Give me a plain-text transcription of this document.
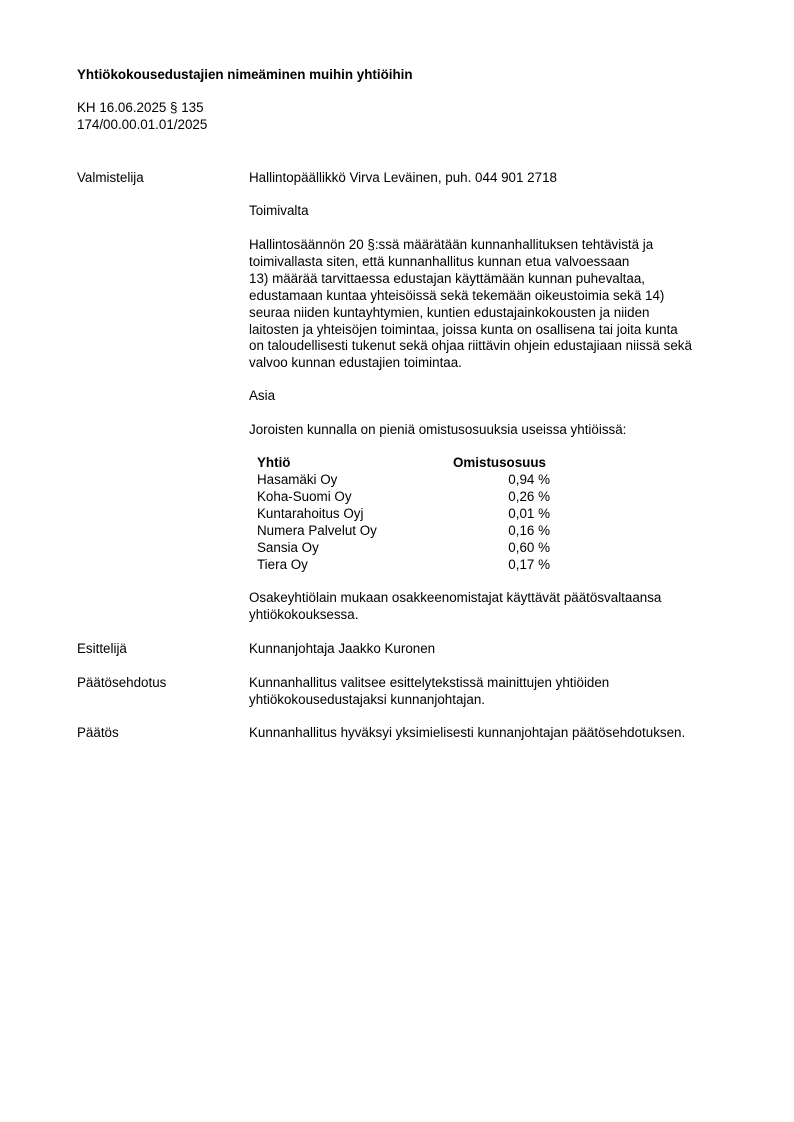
Yhtiökokousedustajien nimeäminen muihin yhtiöihin
KH 16.06.2025 § 135
174/00.00.01.01/2025
Valmistelija	Hallintopäällikkö Virva Leväinen, puh. 044 901 2718
Toimivalta
Hallintosäännön 20 §:ssä määrätään kunnanhallituksen tehtävistä ja
toimivallasta siten, että kunnanhallitus kunnan etua valvoessaan
13) määrää tarvittaessa edustajan käyttämään kunnan puhevaltaa,
edustamaan kuntaa yhteisöissä sekä tekemään oikeustoimia sekä 14)
seuraa niiden kuntayhtymien, kuntien edustajainkokousten ja niiden
laitosten ja yhteisöjen toimintaa, joissa kunta on osallisena tai joita kunta
on taloudellisesti tukenut sekä ohjaa riittävin ohjein edustajiaan niissä sekä
valvoo kunnan edustajien toimintaa.
Asia
Joroisten kunnalla on pieniä omistusosuuksia useissa yhtiöissä:
Yhtiö	Omistusosuus
Hasamäki Oy	0,94 %
Koha-Suomi Oy	0,26 %
Kuntarahoitus Oyj	0,01 %
Numera Palvelut Oy	0,16 %
Sansia Oy	0,60 %
Tiera Oy	0,17 %
Osakeyhtiölain mukaan osakkeenomistajat käyttävät päätösvaltaansa
yhtiökokouksessa.
Esittelijä	Kunnanjohtaja Jaakko Kuronen
Päätösehdotus	Kunnanhallitus valitsee esittelytekstissä mainittujen yhtiöiden
yhtiökokousedustajaksi kunnanjohtajan.
Päätös	Kunnanhallitus hyväksyi yksimielisesti kunnanjohtajan päätösehdotuksen.
